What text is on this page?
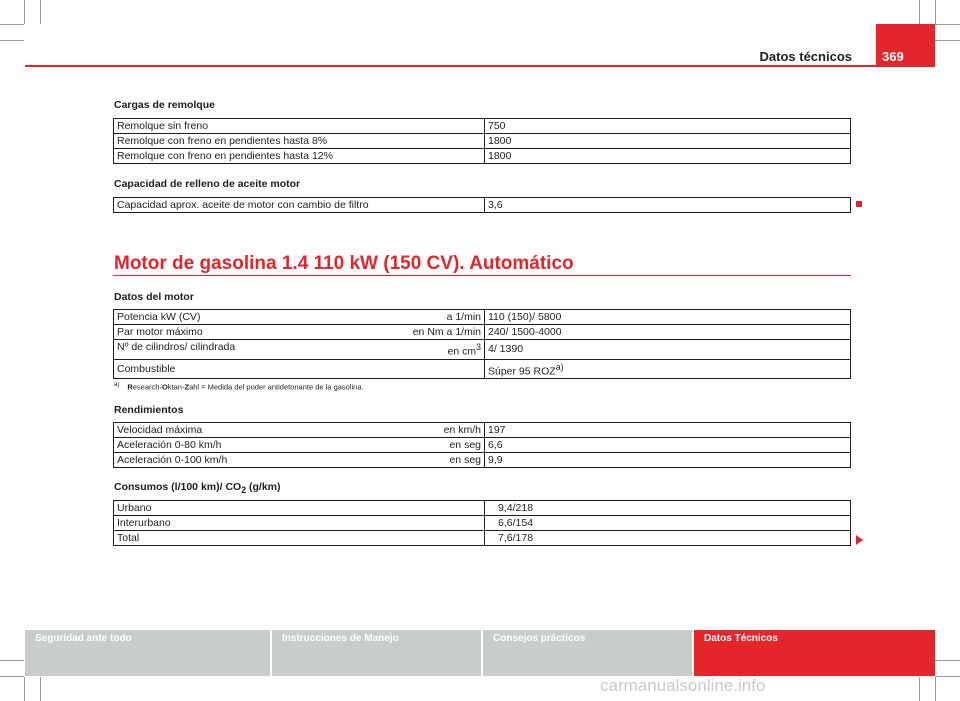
Datos técnicos 369
Cargas de remolque
Remolque sin freno	750
Remolque con freno en pendientes hasta 8%	1800
Remolque con freno en pendientes hasta 12%	1800
Capacidad de relleno de aceite motor
Capacidad aprox. aceite de motor con cambio de filtro	3,6
Motor de gasolina 1.4 110 kW (150 CV). Automático
Datos del motor
Potencia kW (CV) a 1/min	110 (150)/ 5800
Par motor máximo en Nm a 1/min	240/ 1500-4000
Nº de cilindros/ cilindrada en $cm^3$	4/ 1390
Combustible	Súper 95 ROZ$^{a)}$
$^{a)}$ Research-Oktan-Zahl = Medida del poder antidetonante de la gasolina.
Rendimientos
Velocidad máxima en km/h	197
Aceleración 0-80 km/h en seg	6,6
Aceleración 0-100 km/h en seg	9,9
Consumos (l/100 km)/ $CO_2$ (g/km)
Urbano	9,4/218
Interurbano	6,6/154
Total	7,6/178
Seguridad ante todo	Instrucciones de Manejo	Consejos prácticos	Datos Técnicos
carmanualsonline.info
